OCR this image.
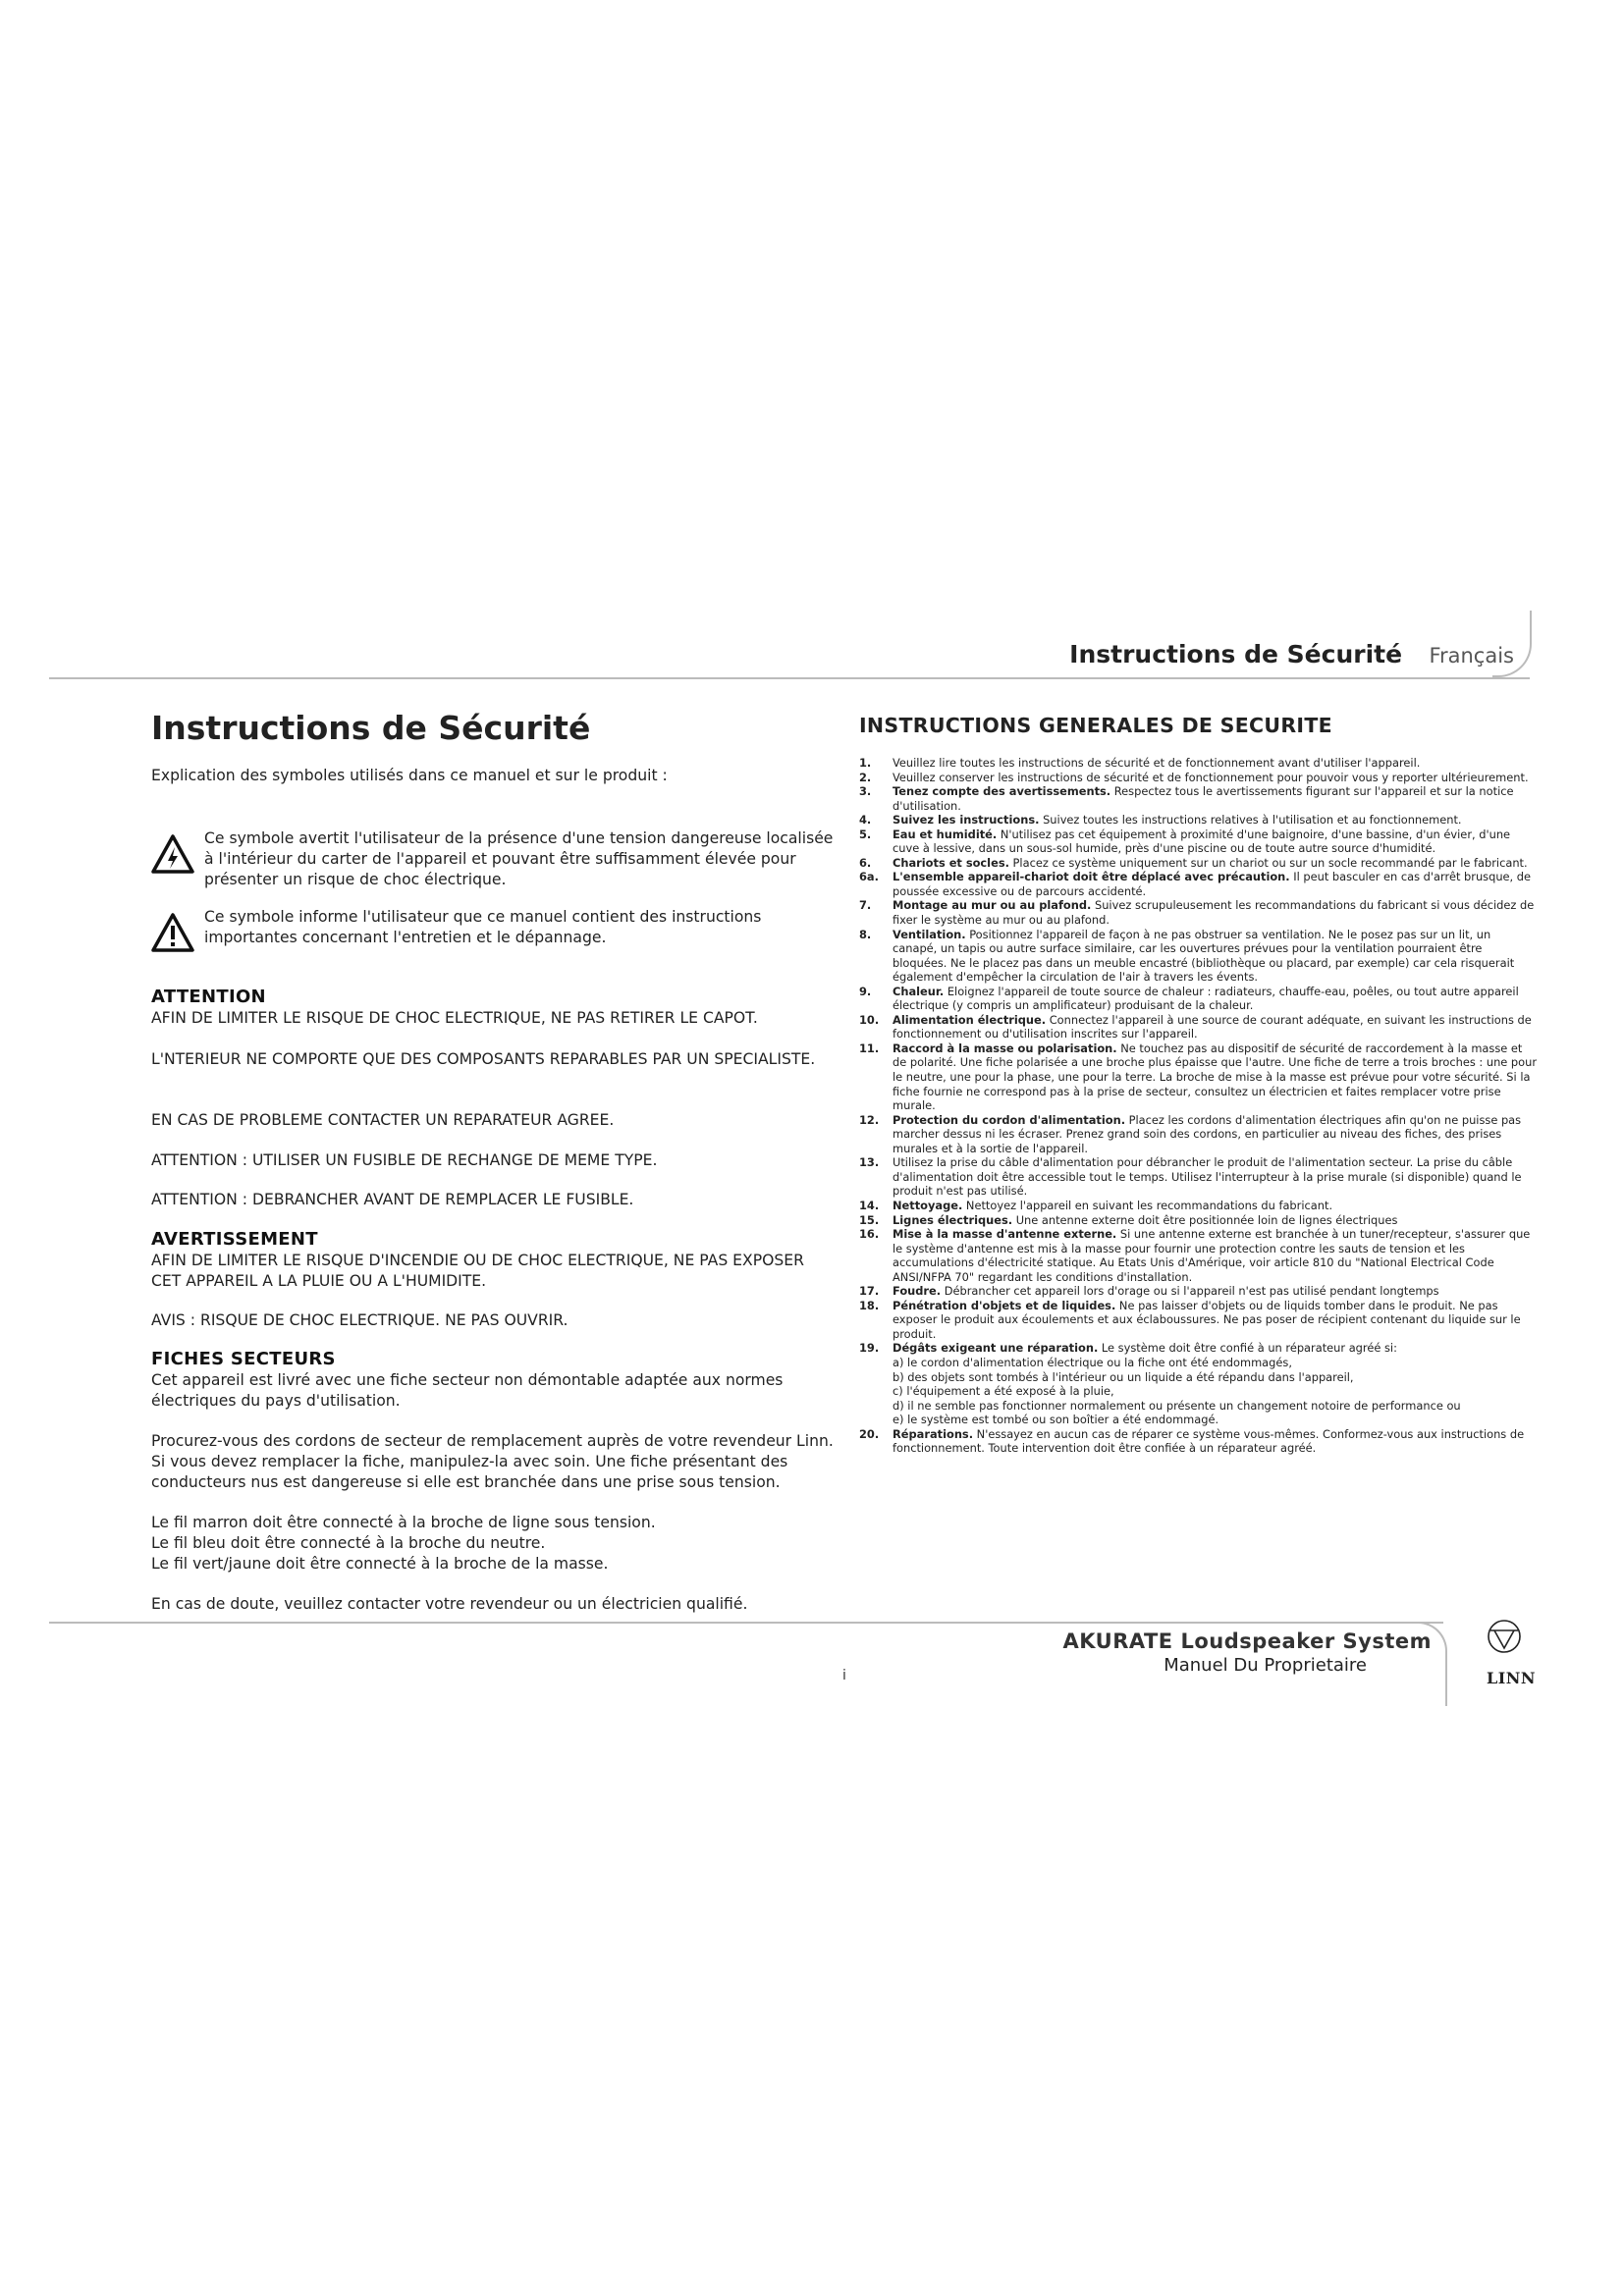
Instructions de Sécurité Français
Instructions de Sécurité
Explication des symboles utilisés dans ce manuel et sur le produit :
Ce symbole avertit l'utilisateur de la présence d'une tension dangereuse localisée à l'intérieur du carter de l'appareil et pouvant être suffisamment élevée pour présenter un risque de choc électrique.
Ce symbole informe l'utilisateur que ce manuel contient des instructions importantes concernant l'entretien et le dépannage.
ATTENTION
AFIN DE LIMITER LE RISQUE DE CHOC ELECTRIQUE, NE PAS RETIRER LE CAPOT.
L'NTERIEUR NE COMPORTE QUE DES COMPOSANTS REPARABLES PAR UN SPECIALISTE.
EN CAS DE PROBLEME CONTACTER UN REPARATEUR AGREE.
ATTENTION : UTILISER UN FUSIBLE DE RECHANGE DE MEME TYPE.
ATTENTION : DEBRANCHER AVANT DE REMPLACER LE FUSIBLE.
AVERTISSEMENT
AFIN DE LIMITER LE RISQUE D'INCENDIE OU DE CHOC ELECTRIQUE, NE PAS EXPOSER CET APPAREIL A LA PLUIE OU A L'HUMIDITE.
AVIS : RISQUE DE CHOC ELECTRIQUE. NE PAS OUVRIR.
FICHES SECTEURS
Cet appareil est livré avec une fiche secteur non démontable adaptée aux normes électriques du pays d'utilisation.
Procurez-vous des cordons de secteur de remplacement auprès de votre revendeur Linn. Si vous devez remplacer la fiche, manipulez-la avec soin. Une fiche présentant des conducteurs nus est dangereuse si elle est branchée dans une prise sous tension.
Le fil marron doit être connecté à la broche de ligne sous tension.
Le fil bleu doit être connecté à la broche du neutre.
Le fil vert/jaune doit être connecté à la broche de la masse.
En cas de doute, veuillez contacter votre revendeur ou un électricien qualifié.
INSTRUCTIONS GENERALES DE SECURITE
1.	Veuillez lire toutes les instructions de sécurité et de fonctionnement avant d'utiliser l'appareil.
2.	Veuillez conserver les instructions de sécurité et de fonctionnement pour pouvoir vous y reporter ultérieurement.
3.	Tenez compte des avertissements. Respectez tous le avertissements figurant sur l'appareil et sur la notice d'utilisation.
4.	Suivez les instructions. Suivez toutes les instructions relatives à l'utilisation et au fonctionnement.
5.	Eau et humidité. N'utilisez pas cet équipement à proximité d'une baignoire, d'une bassine, d'un évier, d'une cuve à lessive, dans un sous-sol humide, près d'une piscine ou de toute autre source d'humidité.
6.	Chariots et socles. Placez ce système uniquement sur un chariot ou sur un socle recommandé par le fabricant.
6a.	L'ensemble appareil-chariot doit être déplacé avec précaution. Il peut basculer en cas d'arrêt brusque, de poussée excessive ou de parcours accidenté.
7.	Montage au mur ou au plafond. Suivez scrupuleusement les recommandations du fabricant si vous décidez de fixer le système au mur ou au plafond.
8.	Ventilation. Positionnez l'appareil de façon à ne pas obstruer sa ventilation. Ne le posez pas sur un lit, un canapé, un tapis ou autre surface similaire, car les ouvertures prévues pour la ventilation pourraient être bloquées. Ne le placez pas dans un meuble encastré (bibliothèque ou placard, par exemple) car cela risquerait également d'empêcher la circulation de l'air à travers les évents.
9.	Chaleur. Eloignez l'appareil de toute source de chaleur : radiateurs, chauffe-eau, poêles, ou tout autre appareil électrique (y compris un amplificateur) produisant de la chaleur.
10.	Alimentation électrique. Connectez l'appareil à une source de courant adéquate, en suivant les instructions de fonctionnement ou d'utilisation inscrites sur l'appareil.
11.	Raccord à la masse ou polarisation. Ne touchez pas au dispositif de sécurité de raccordement à la masse et de polarité. Une fiche polarisée a une broche plus épaisse que l'autre. Une fiche de terre a trois broches : une pour le neutre, une pour la phase, une pour la terre. La broche de mise à la masse est prévue pour votre sécurité. Si la fiche fournie ne correspond pas à la prise de secteur, consultez un électricien et faites remplacer votre prise murale.
12.	Protection du cordon d'alimentation. Placez les cordons d'alimentation électriques afin qu'on ne puisse pas marcher dessus ni les écraser. Prenez grand soin des cordons, en particulier au niveau des fiches, des prises murales et à la sortie de l'appareil.
13.	Utilisez la prise du câble d'alimentation pour débrancher le produit de l'alimentation secteur. La prise du câble d'alimentation doit être accessible tout le temps. Utilisez l'interrupteur à la prise murale (si disponible) quand le produit n'est pas utilisé.
14.	Nettoyage. Nettoyez l'appareil en suivant les recommandations du fabricant.
15.	Lignes électriques. Une antenne externe doit être positionnée loin de lignes électriques
16.	Mise à la masse d'antenne externe. Si une antenne externe est branchée à un tuner/recepteur, s'assurer que le système d'antenne est mis à la masse pour fournir une protection contre les sauts de tension et les accumulations d'électricité statique. Au Etats Unis d'Amérique, voir article 810 du "National Electrical Code ANSI/NFPA 70" regardant les conditions d'installation.
17.	Foudre. Débrancher cet appareil lors d'orage ou si l'appareil n'est pas utilisé pendant longtemps
18.	Pénétration d'objets et de liquides. Ne pas laisser d'objets ou de liquids tomber dans le produit. Ne pas exposer le produit aux écoulements et aux éclaboussures. Ne pas poser de récipient contenant du liquide sur le produit.
19.	Dégâts exigeant une réparation. Le système doit être confié à un réparateur agréé si:
a) le cordon d'alimentation électrique ou la fiche ont été endommagés,
b) des objets sont tombés à l'intérieur ou un liquide a été répandu dans l'appareil,
c) l'équipement a été exposé à la pluie,
d) il ne semble pas fonctionner normalement ou présente un changement notoire de performance ou
e) le système est tombé ou son boîtier a été endommagé.
20.	Réparations. N'essayez en aucun cas de réparer ce système vous-mêmes. Conformez-vous aux instructions de fonctionnement. Toute intervention doit être confiée à un réparateur agréé.
AKURATE Loudspeaker System
Manuel Du Proprietaire
i	LINN
